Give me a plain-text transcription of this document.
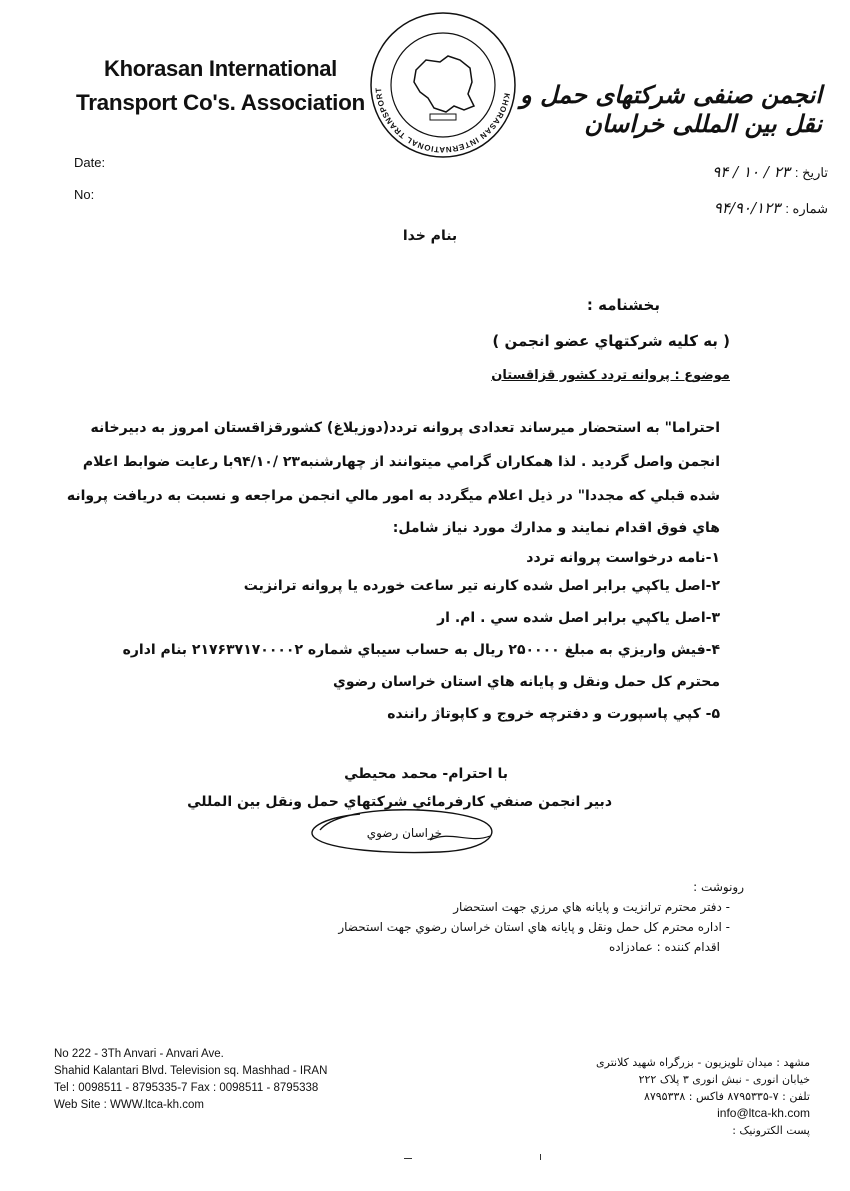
Khorasan International
Transport Co's. Association	KHORASAN INTERNATIONAL TRANSPORT	انجمن صنفی شرکتهای حمل و نقل بین المللی خراسان
Date:
No:
تاریخ : ۲۳ / ۱۰ / ۹۴
شماره : ۹۴/۹۰/۱۲۳
بنام خدا
بخشنامه :
( به كليه شركتهاي عضو انجمن )
موضوع : پروانه تردد كشور قزاقستان
احتراما" به استحضار ميرساند تعدادى پروانه تردد(دوزيلاغ) كشورقزاقستان امروز به دبيرخانه
انجمن واصل گرديد . لذا همكاران گرامي ميتوانند از چهارشنبه۲۳ /۹۴/۱۰با رعايت ضوابط اعلام
شده قبلي كه مجددا" در ذيل اعلام ميگردد به امور مالي انجمن مراجعه و نسبت به دريافت پروانه
هاي فوق اقدام نمايند و مدارك مورد نياز شامل:
۱-نامه درخواست پروانه تردد
۲-اصل ياكپي برابر اصل شده كارنه تير ساعت خورده يا پروانه ترانزيت
۳-اصل ياكپي برابر اصل شده سي . ام. ار
۴-فيش واريزي به مبلغ ۲۵۰۰۰۰ ريال به حساب سيباي شماره ۲۱۷۶۳۷۱۷۰۰۰۰۲ بنام اداره
محترم كل حمل ونقل و پايانه هاي استان خراسان رضوي
۵- كپي پاسپورت و دفترچه خروج و كاپوتاژ راننده
با احترام- محمد محيطي
دبير انجمن صنفي كارفرمائي شركتهاي حمل ونقل بين المللي
خراسان رضوي
رونوشت :
- دفتر محترم ترانزيت و پايانه هاي مرزي جهت استحضار
- اداره محترم كل حمل ونقل و پايانه هاي استان خراسان رضوي جهت استحضار
اقدام كننده : عمادزاده
No 222 - 3Th Anvari - Anvari Ave.
Shahid Kalantari Blvd. Television sq. Mashhad - IRAN
Tel : 0098511 - 8795335-7 Fax : 0098511 - 8795338
Web Site : WWW.ltca-kh.com
مشهد : میدان تلویزیون - بزرگراه شهید کلانتری
خیابان انوری - نبش انوری ۳ پلاک ۲۲۲
تلفن : ۷-۸۷۹۵۳۳۵ فاکس : ۸۷۹۵۳۳۸
info@ltca-kh.com
پست الکترونیک :
